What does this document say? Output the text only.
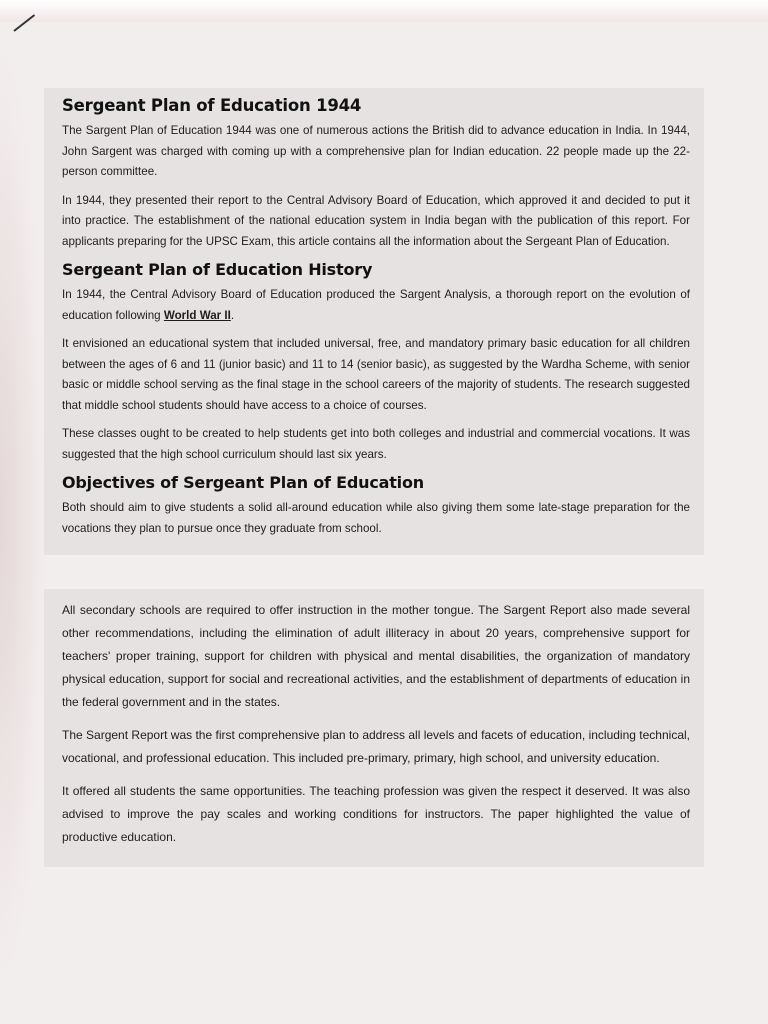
Sergeant Plan of Education 1944

The Sargent Plan of Education 1944 was one of numerous actions the British did to advance education in India. In 1944, John Sargent was charged with coming up with a comprehensive plan for Indian education. 22 people made up the 22-person committee.

In 1944, they presented their report to the Central Advisory Board of Education, which approved it and decided to put it into practice. The establishment of the national education system in India began with the publication of this report. For applicants preparing for the UPSC Exam, this article contains all the information about the Sergeant Plan of Education.

Sergeant Plan of Education History

In 1944, the Central Advisory Board of Education produced the Sargent Analysis, a thorough report on the evolution of education following World War II.

It envisioned an educational system that included universal, free, and mandatory primary basic education for all children between the ages of 6 and 11 (junior basic) and 11 to 14 (senior basic), as suggested by the Wardha Scheme, with senior basic or middle school serving as the final stage in the school careers of the majority of students. The research suggested that middle school students should have access to a choice of courses.

These classes ought to be created to help students get into both colleges and industrial and commercial vocations. It was suggested that the high school curriculum should last six years.

Objectives of Sergeant Plan of Education

Both should aim to give students a solid all-around education while also giving them some late-stage preparation for the vocations they plan to pursue once they graduate from school.

All secondary schools are required to offer instruction in the mother tongue. The Sargent Report also made several other recommendations, including the elimination of adult illiteracy in about 20 years, comprehensive support for teachers' proper training, support for children with physical and mental disabilities, the organization of mandatory physical education, support for social and recreational activities, and the establishment of departments of education in the federal government and in the states.

The Sargent Report was the first comprehensive plan to address all levels and facets of education, including technical, vocational, and professional education. This included pre-primary, primary, high school, and university education.

It offered all students the same opportunities. The teaching profession was given the respect it deserved. It was also advised to improve the pay scales and working conditions for instructors. The paper highlighted the value of productive education.
